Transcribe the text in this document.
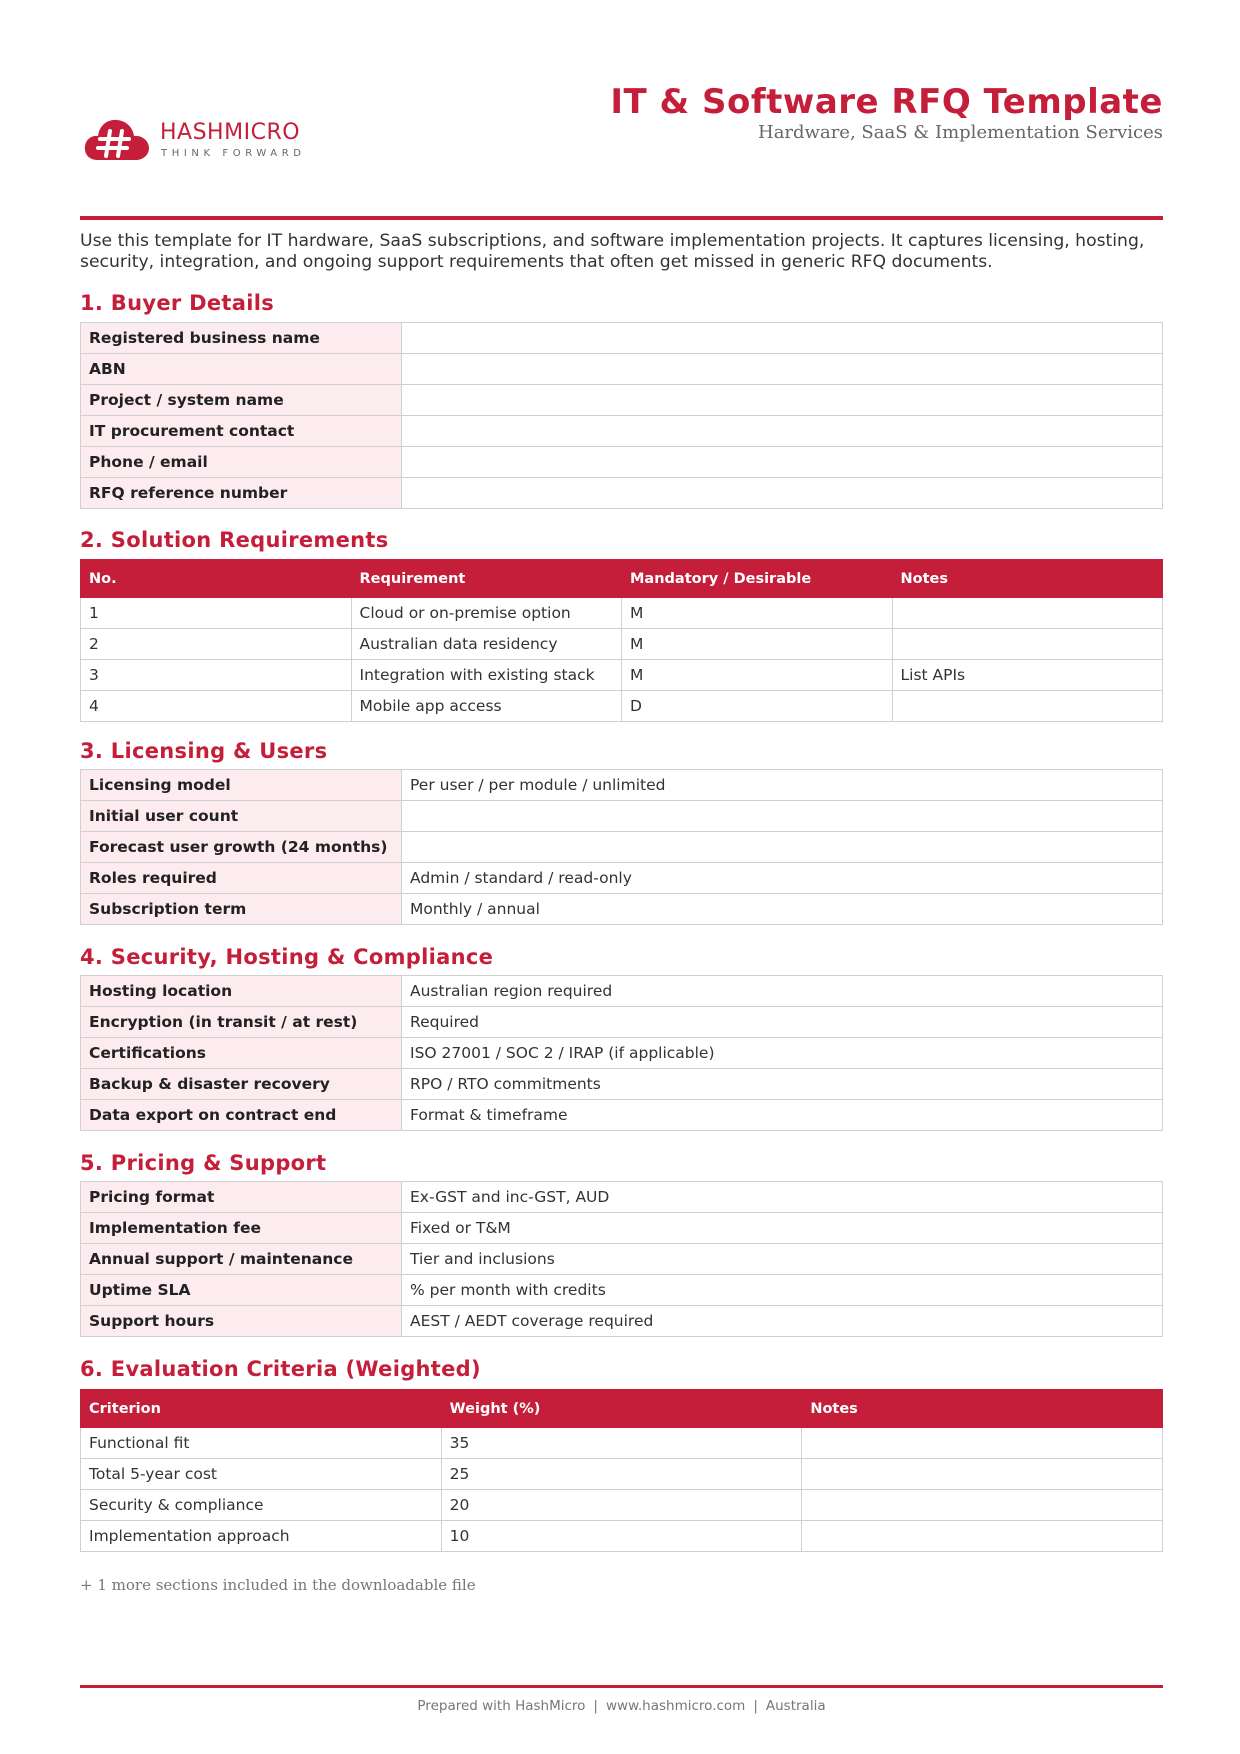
HASHMICRO
THINK FORWARD
IT & Software RFQ Template
Hardware, SaaS & Implementation Services
Use this template for IT hardware, SaaS subscriptions, and software implementation projects. It captures licensing, hosting, security, integration, and ongoing support requirements that often get missed in generic RFQ documents.
1. Buyer Details
Registered business name	
ABN	
Project / system name	
IT procurement contact	
Phone / email	
RFQ reference number	
2. Solution Requirements
No.	Requirement	Mandatory / Desirable	Notes
1	Cloud or on-premise option	M	
2	Australian data residency	M	
3	Integration with existing stack	M	List APIs
4	Mobile app access	D	
3. Licensing & Users
Licensing model	Per user / per module / unlimited
Initial user count	
Forecast user growth (24 months)	
Roles required	Admin / standard / read-only
Subscription term	Monthly / annual
4. Security, Hosting & Compliance
Hosting location	Australian region required
Encryption (in transit / at rest)	Required
Certifications	ISO 27001 / SOC 2 / IRAP (if applicable)
Backup & disaster recovery	RPO / RTO commitments
Data export on contract end	Format & timeframe
5. Pricing & Support
Pricing format	Ex-GST and inc-GST, AUD
Implementation fee	Fixed or T&M
Annual support / maintenance	Tier and inclusions
Uptime SLA	% per month with credits
Support hours	AEST / AEDT coverage required
6. Evaluation Criteria (Weighted)
Criterion	Weight (%)	Notes
Functional fit	35	
Total 5-year cost	25	
Security & compliance	20	
Implementation approach	10	
+ 1 more sections included in the downloadable file
Prepared with HashMicro | www.hashmicro.com | Australia
